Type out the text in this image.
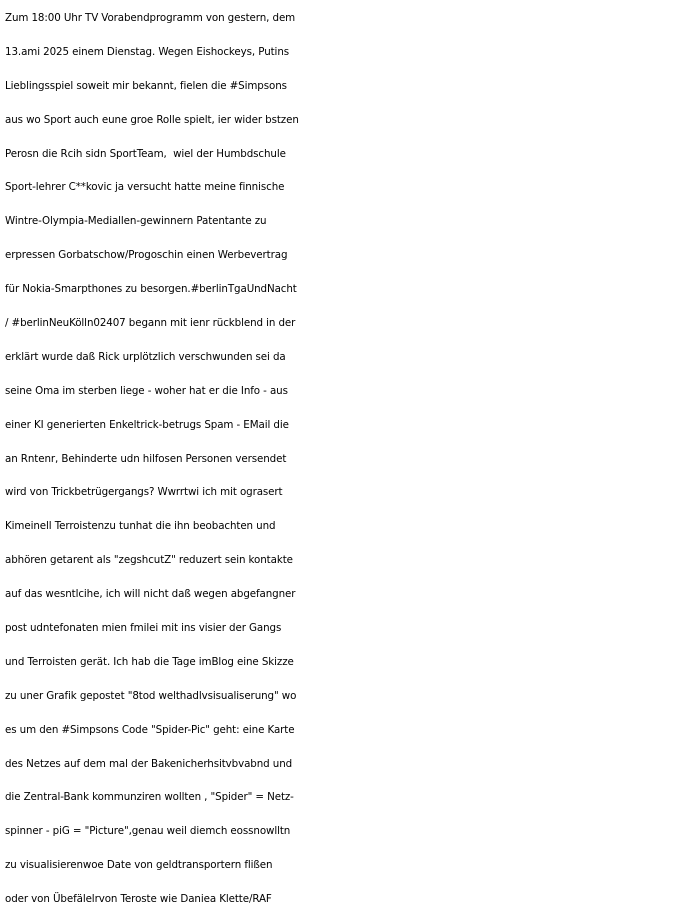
Zum 18:00 Uhr TV Vorabendprogramm von gestern, dem
13.ami 2025 einem Dienstag. Wegen Eishockeys, Putins
Lieblingsspiel soweit mir bekannt, fielen die #Simpsons
aus wo Sport auch eune groe Rolle spielt, ier wider bstzen
Perosn die Rcih sidn SportTeam,  wiel der Humbdschule
Sport-lehrer C**kovic ja versucht hatte meine finnische
Wintre-Olympia-Mediallen-gewinnern Patentante zu
erpressen Gorbatschow/Progoschin einen Werbevertrag
für Nokia-Smarpthones zu besorgen.#berlinTgaUndNacht
/ #berlinNeuKölln02407 begann mit ienr rückblend in der
erklärt wurde daß Rick urplötzlich verschwunden sei da
seine Oma im sterben liege - woher hat er die Info - aus
einer KI generierten Enkeltrick-betrugs Spam - EMail die
an Rntenr, Behinderte udn hilfosen Personen versendet
wird von Trickbetrügergangs? Wwrrtwi ich mit ograsert
Kimeinell Terroistenzu tunhat die ihn beobachten und
abhören getarent als "zegshcutZ" reduzert sein kontakte
auf das wesntlcihe, ich will nicht daß wegen abgefangner
post udntefonaten mien fmilei mit ins visier der Gangs
und Terroisten gerät. Ich hab die Tage imBlog eine Skizze
zu uner Grafik gepostet "8tod welthadlvsisualiserung" wo
es um den #Simpsons Code "Spider-Pic" geht: eine Karte
des Netzes auf dem mal der Bakenicherhsitvbvabnd und
die Zentral-Bank kommunziren wollten , "Spider" = Netz-
spinner - piG = "Picture",genau weil diemch eossnowlltn
zu visualisierenwoe Date von geldtransportern flißen
oder von Übefälelrvon Teroste wie Daniea Klette/RAF
